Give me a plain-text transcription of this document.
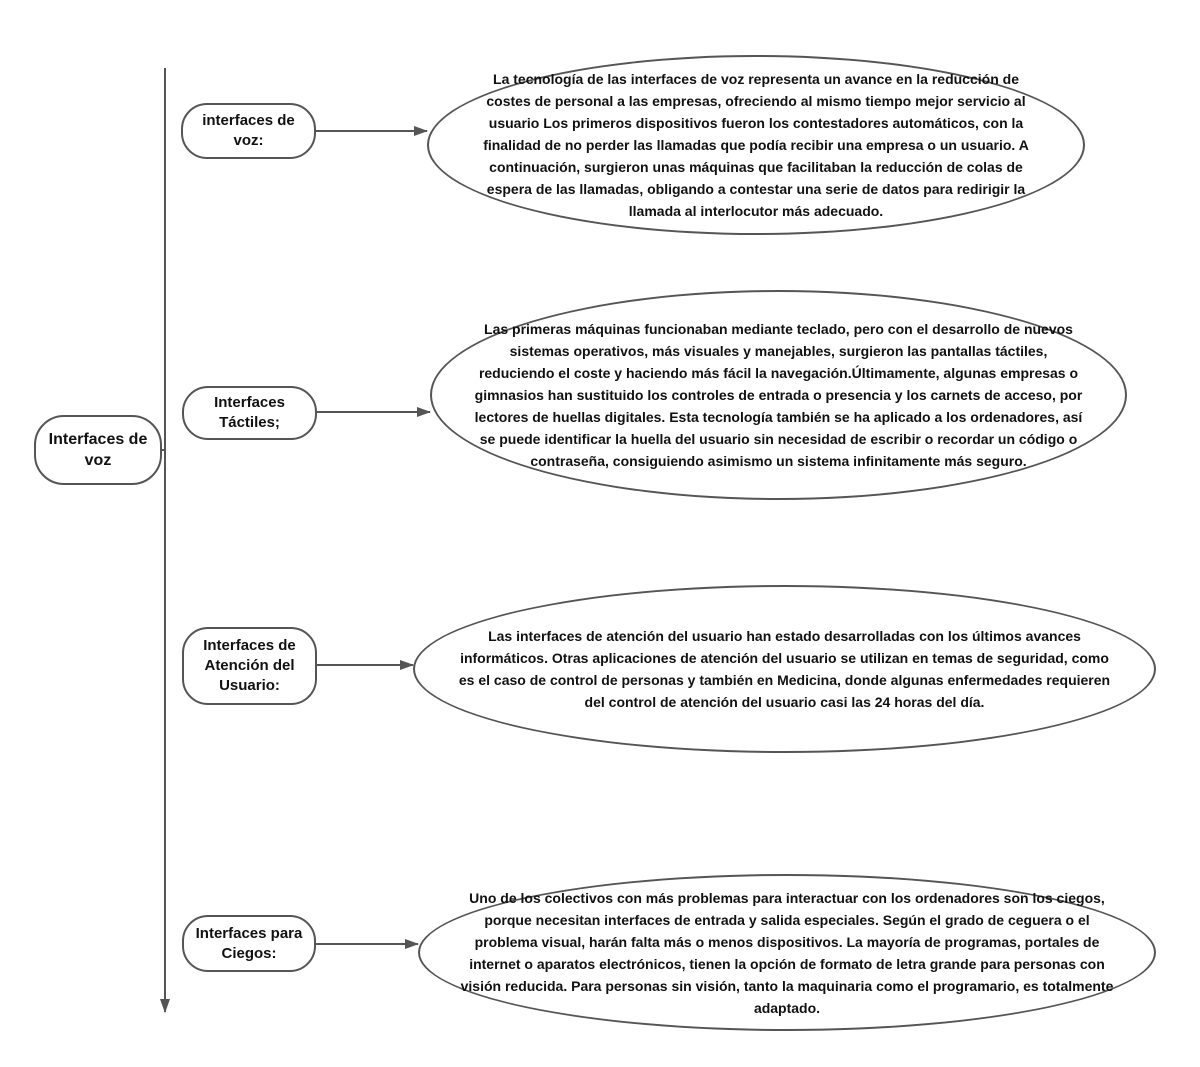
Interfaces de voz
interfaces de voz:
La tecnología de las interfaces de voz representa un avance en la reducción de costes de personal a las empresas, ofreciendo al mismo tiempo mejor servicio al usuario Los primeros dispositivos fueron los contestadores automáticos, con la finalidad de no perder las llamadas que podía recibir una empresa o un usuario. A continuación, surgieron unas máquinas que facilitaban la reducción de colas de espera de las llamadas, obligando a contestar una serie de datos para redirigir la llamada al interlocutor más adecuado.
Interfaces Táctiles;
Las primeras máquinas funcionaban mediante teclado, pero con el desarrollo de nuevos sistemas operativos, más visuales y manejables, surgieron las pantallas táctiles, reduciendo el coste y haciendo más fácil la navegación.Últimamente, algunas empresas o gimnasios han sustituido los controles de entrada o presencia y los carnets de acceso, por lectores de huellas digitales. Esta tecnología también se ha aplicado a los ordenadores, así se puede identificar la huella del usuario sin necesidad de escribir o recordar un código o contraseña, consiguiendo asimismo un sistema infinitamente más seguro.
Interfaces de Atención del Usuario:
Las interfaces de atención del usuario han estado desarrolladas con los últimos avances informáticos. Otras aplicaciones de atención del usuario se utilizan en temas de seguridad, como es el caso de control de personas y también en Medicina, donde algunas enfermedades requieren del control de atención del usuario casi las 24 horas del día.
Interfaces para Ciegos:
Uno de los colectivos con más problemas para interactuar con los ordenadores son los ciegos, porque necesitan interfaces de entrada y salida especiales. Según el grado de ceguera o el problema visual, harán falta más o menos dispositivos. La mayoría de programas, portales de internet o aparatos electrónicos, tienen la opción de formato de letra grande para personas con visión reducida. Para personas sin visión, tanto la maquinaria como el programario, es totalmente adaptado.
